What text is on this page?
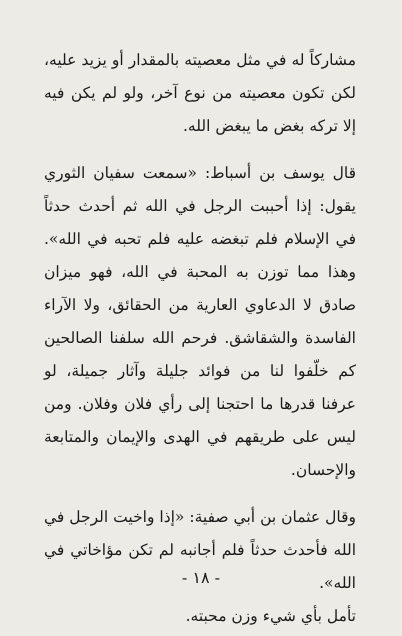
مشاركاً له في مثل معصيته بالمقدار أو يزيد عليه، لكن تكون معصيته من نوع آخر، ولو لم يكن فيه إلا تركه بغض ما يبغض الله.

قال يوسف بن أسباط: «سمعت سفيان الثوري يقول: إذا أحببت الرجل في الله ثم أحدث حدثاً في الإسلام فلم تبغضه عليه فلم تحبه في الله». وهذا مما توزن به المحبة في الله، فهو ميزان صادق لا الدعاوي العارية من الحقائق، ولا الآراء الفاسدة والشقاشق. فرحم الله سلفنا الصالحين كم خلّفوا لنا من فوائد جليلة وآثار جميلة، لو عرفنا قدرها ما احتجنا إلى رأي فلان وفلان. ومن ليس على طريقهم في الهدى والإيمان والمتابعة والإحسان.

وقال عثمان بن أبي صفية: «إذا واخيت الرجل في الله فأحدث حدثاً فلم أجانبه لم تكن مؤاخاتي في الله».

تأمل بأي شيء وزن محبته.

- ١٨ -
